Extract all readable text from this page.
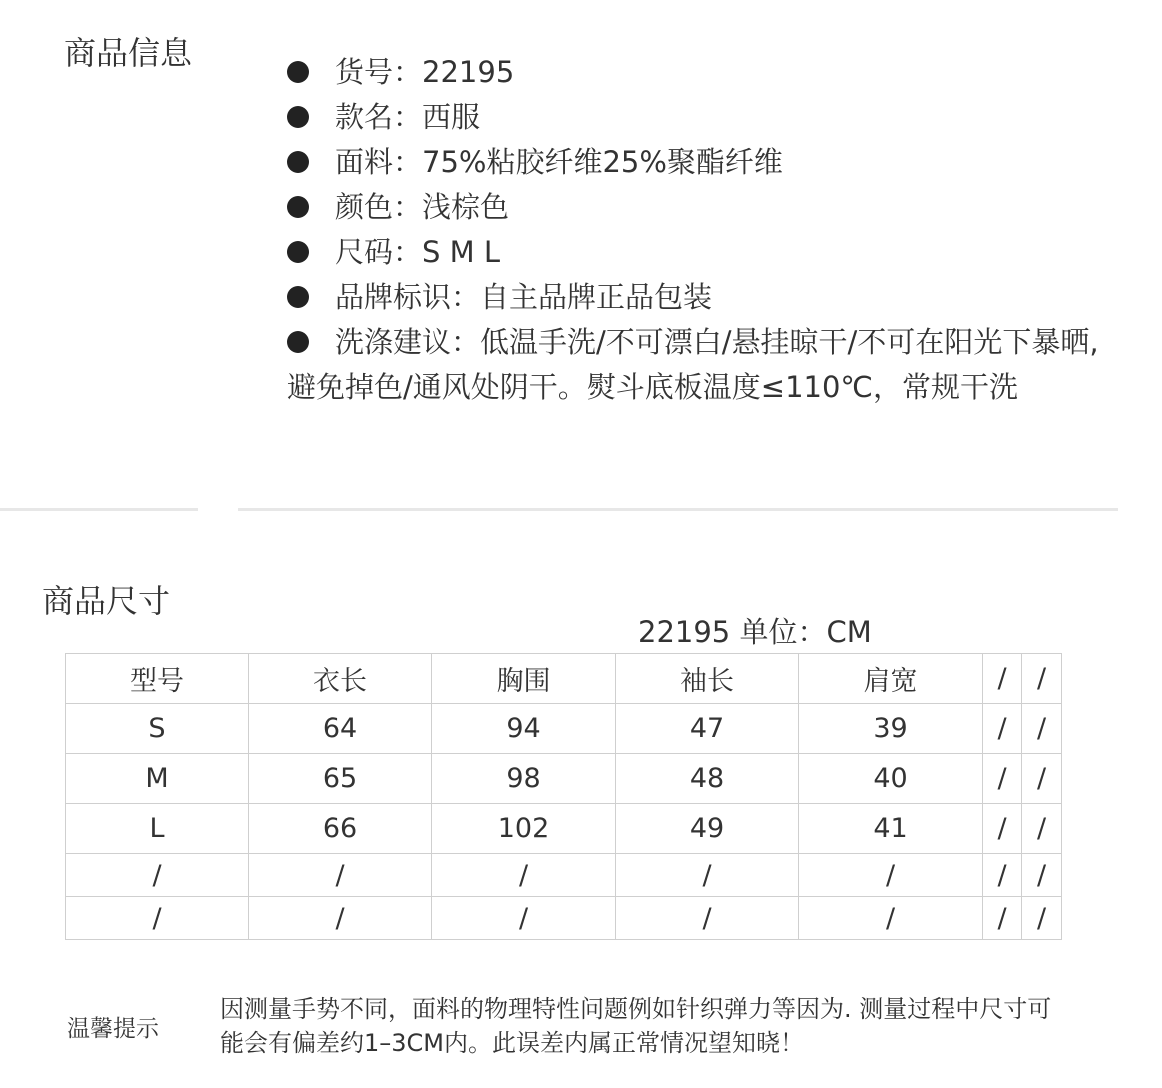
商品信息	货号：22195
款名：西服
面料：75%粘胶纤维25%聚酯纤维
颜色：浅棕色
尺码：S M L
品牌标识：自主品牌正品包装
洗涤建议：低温手洗/不可漂白/悬挂晾干/不可在阳光下暴晒,避免掉色/通风处阴干。熨斗底板温度≤110℃，常规干洗
商品尺寸
22195 单位：CM
型号	衣长	胸围	袖长	肩宽	/	/
S	64	94	47	39	/	/
M	65	98	48	40	/	/
L	66	102	49	41	/	/
/	/	/	/	/	/	/
/	/	/	/	/	/	/
温馨提示
因测量手势不同，面料的物理特性问题例如针织弹力等因为. 测量过程中尺寸可能会有偏差约1–3CM内。此误差内属正常情况望知晓！
